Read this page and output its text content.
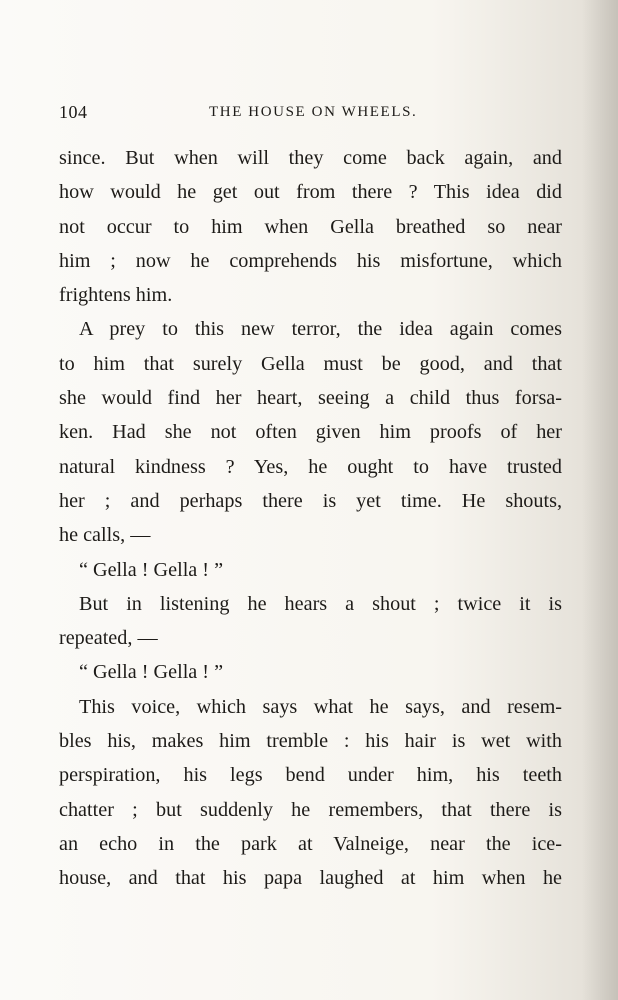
104	THE HOUSE ON WHEELS.
since. But when will they come back again, and
how would he get out from there ? This idea did
not occur to him when Gella breathed so near
him ; now he comprehends his misfortune, which
frightens him.
A prey to this new terror, the idea again comes
to him that surely Gella must be good, and that
she would find her heart, seeing a child thus forsa-
ken. Had she not often given him proofs of her
natural kindness ? Yes, he ought to have trusted
her ; and perhaps there is yet time. He shouts,
he calls, —
“ Gella ! Gella ! ”
But in listening he hears a shout ; twice it is
repeated, —
“ Gella ! Gella ! ”
This voice, which says what he says, and resem-
bles his, makes him tremble : his hair is wet with
perspiration, his legs bend under him, his teeth
chatter ; but suddenly he remembers, that there is
an echo in the park at Valneige, near the ice-
house, and that his papa laughed at him when he
